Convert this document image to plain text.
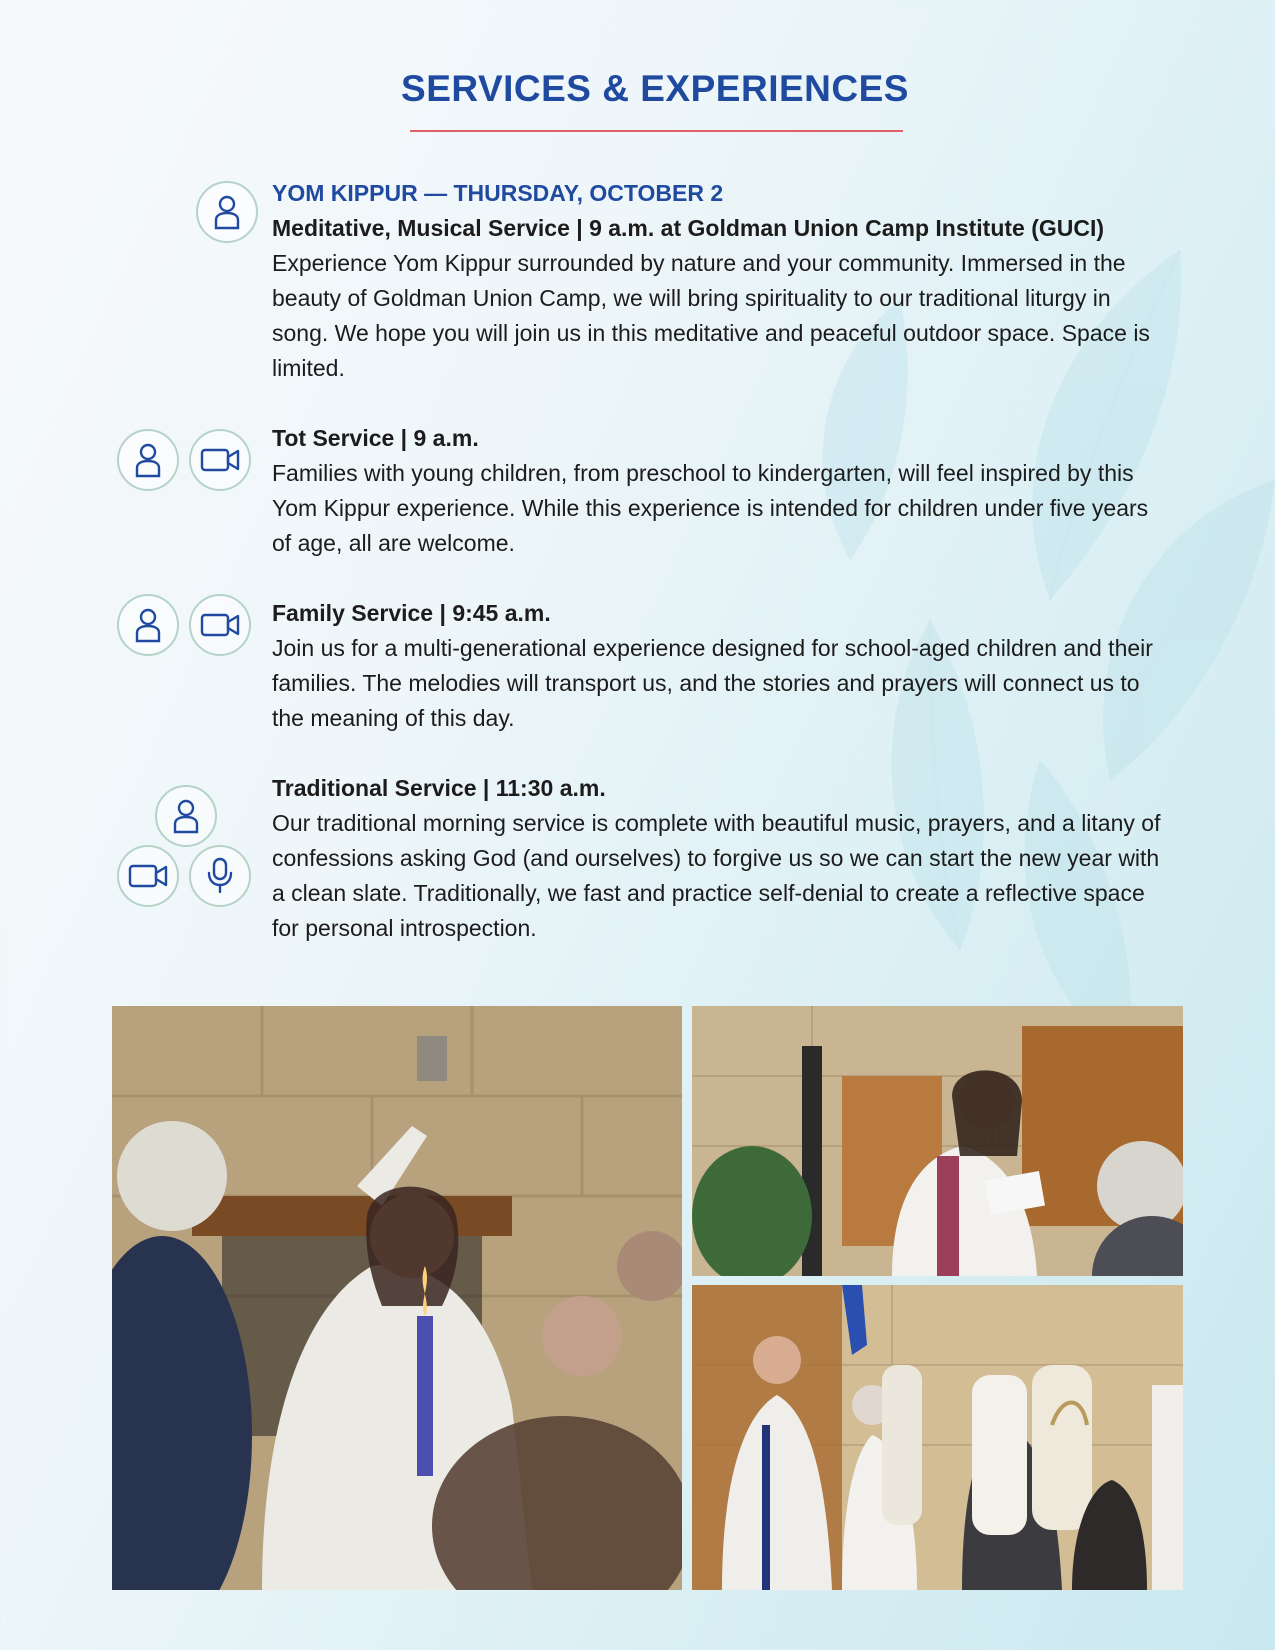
SERVICES & EXPERIENCES
YOM KIPPUR — THURSDAY, OCTOBER 2
Meditative, Musical Service | 9 a.m. at Goldman Union Camp Institute (GUCI)
Experience Yom Kippur surrounded by nature and your community. Immersed in the beauty of Goldman Union Camp, we will bring spirituality to our traditional liturgy in song. We hope you will join us in this meditative and peaceful outdoor space. Space is limited.
Tot Service | 9 a.m.
Families with young children, from preschool to kindergarten, will feel inspired by this Yom Kippur experience. While this experience is intended for children under five years of age, all are welcome.
Family Service | 9:45 a.m.
Join us for a multi-generational experience designed for school-aged children and their families. The melodies will transport us, and the stories and prayers will connect us to the meaning of this day.
Traditional Service | 11:30 a.m.
Our traditional morning service is complete with beautiful music, prayers, and a litany of confessions asking God (and ourselves) to forgive us so we can start the new year with a clean slate. Traditionally, we fast and practice self-denial to create a reflective space for personal introspection.
